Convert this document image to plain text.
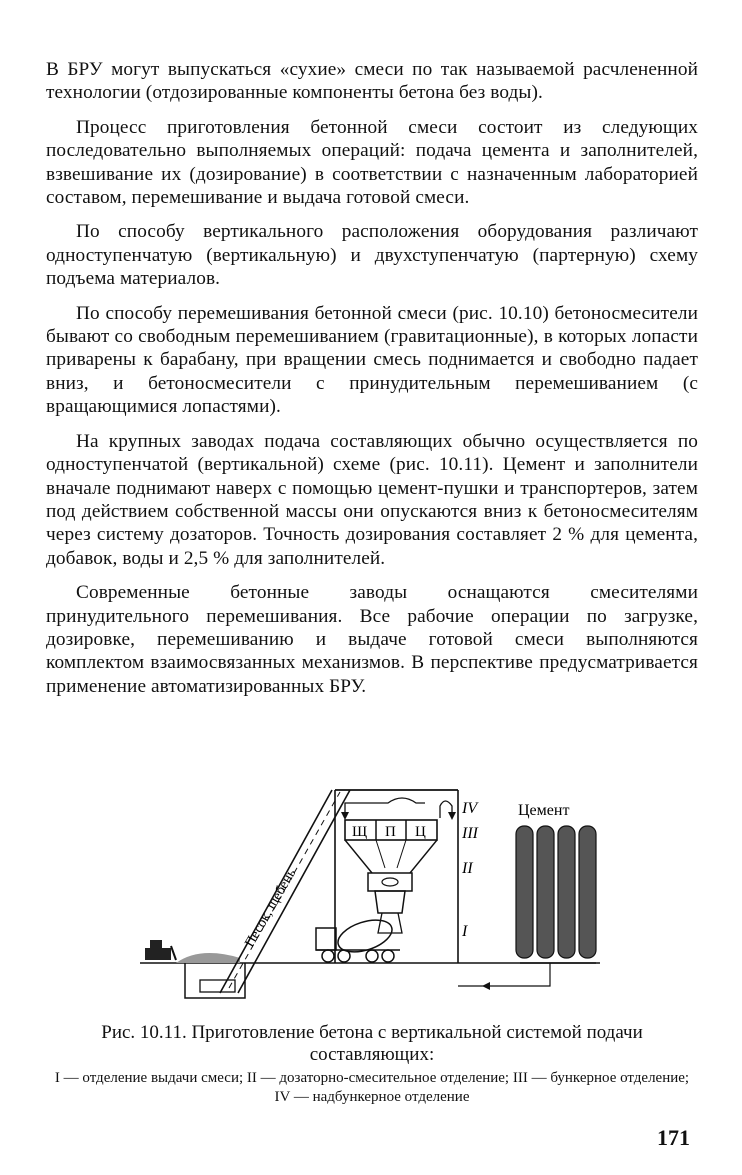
В БРУ могут выпускаться «сухие» смеси по так называемой расчлененной технологии (отдозированные компоненты бетона без воды).

Процесс приготовления бетонной смеси состоит из следующих последовательно выполняемых операций: подача цемента и заполнителей, взвешивание их (дозирование) в соответствии с назначенным лабораторией составом, перемешивание и выдача готовой смеси.

По способу вертикального расположения оборудования различают одноступенчатую (вертикальную) и двухступенчатую (партерную) схему подъема материалов.

По способу перемешивания бетонной смеси (рис. 10.10) бетоносмесители бывают со свободным перемешиванием (гравитационные), в которых лопасти приварены к барабану, при вращении смесь поднимается и свободно падает вниз, и бетоносмесители с принудительным перемешиванием (с вращающимися лопастями).

На крупных заводах подача составляющих обычно осуществляется по одноступенчатой (вертикальной) схеме (рис. 10.11). Цемент и заполнители вначале поднимают наверх с помощью цемент-пушки и транспортеров, затем под действием собственной массы они опускаются вниз к бетоносмесителям через систему дозаторов. Точность дозирования составляет 2 % для цемента, добавок, воды и 2,5 % для заполнителей.

Современные бетонные заводы оснащаются смесителями принудительного перемешивания. Все рабочие операции по загрузке, дозировке, перемешиванию и выдаче готовой смеси выполняются комплектом взаимосвязанных механизмов. В перспективе предусматривается применение автоматизированных БРУ.

Песок, щебень
Щ П Ц
IV
III
II
I
Цемент
Рис. 10.11. Приготовление бетона с вертикальной системой подачи составляющих:
I — отделение выдачи смеси; II — дозаторно-смесительное отделение; III — бункерное отделение; IV — надбункерное отделение
171
